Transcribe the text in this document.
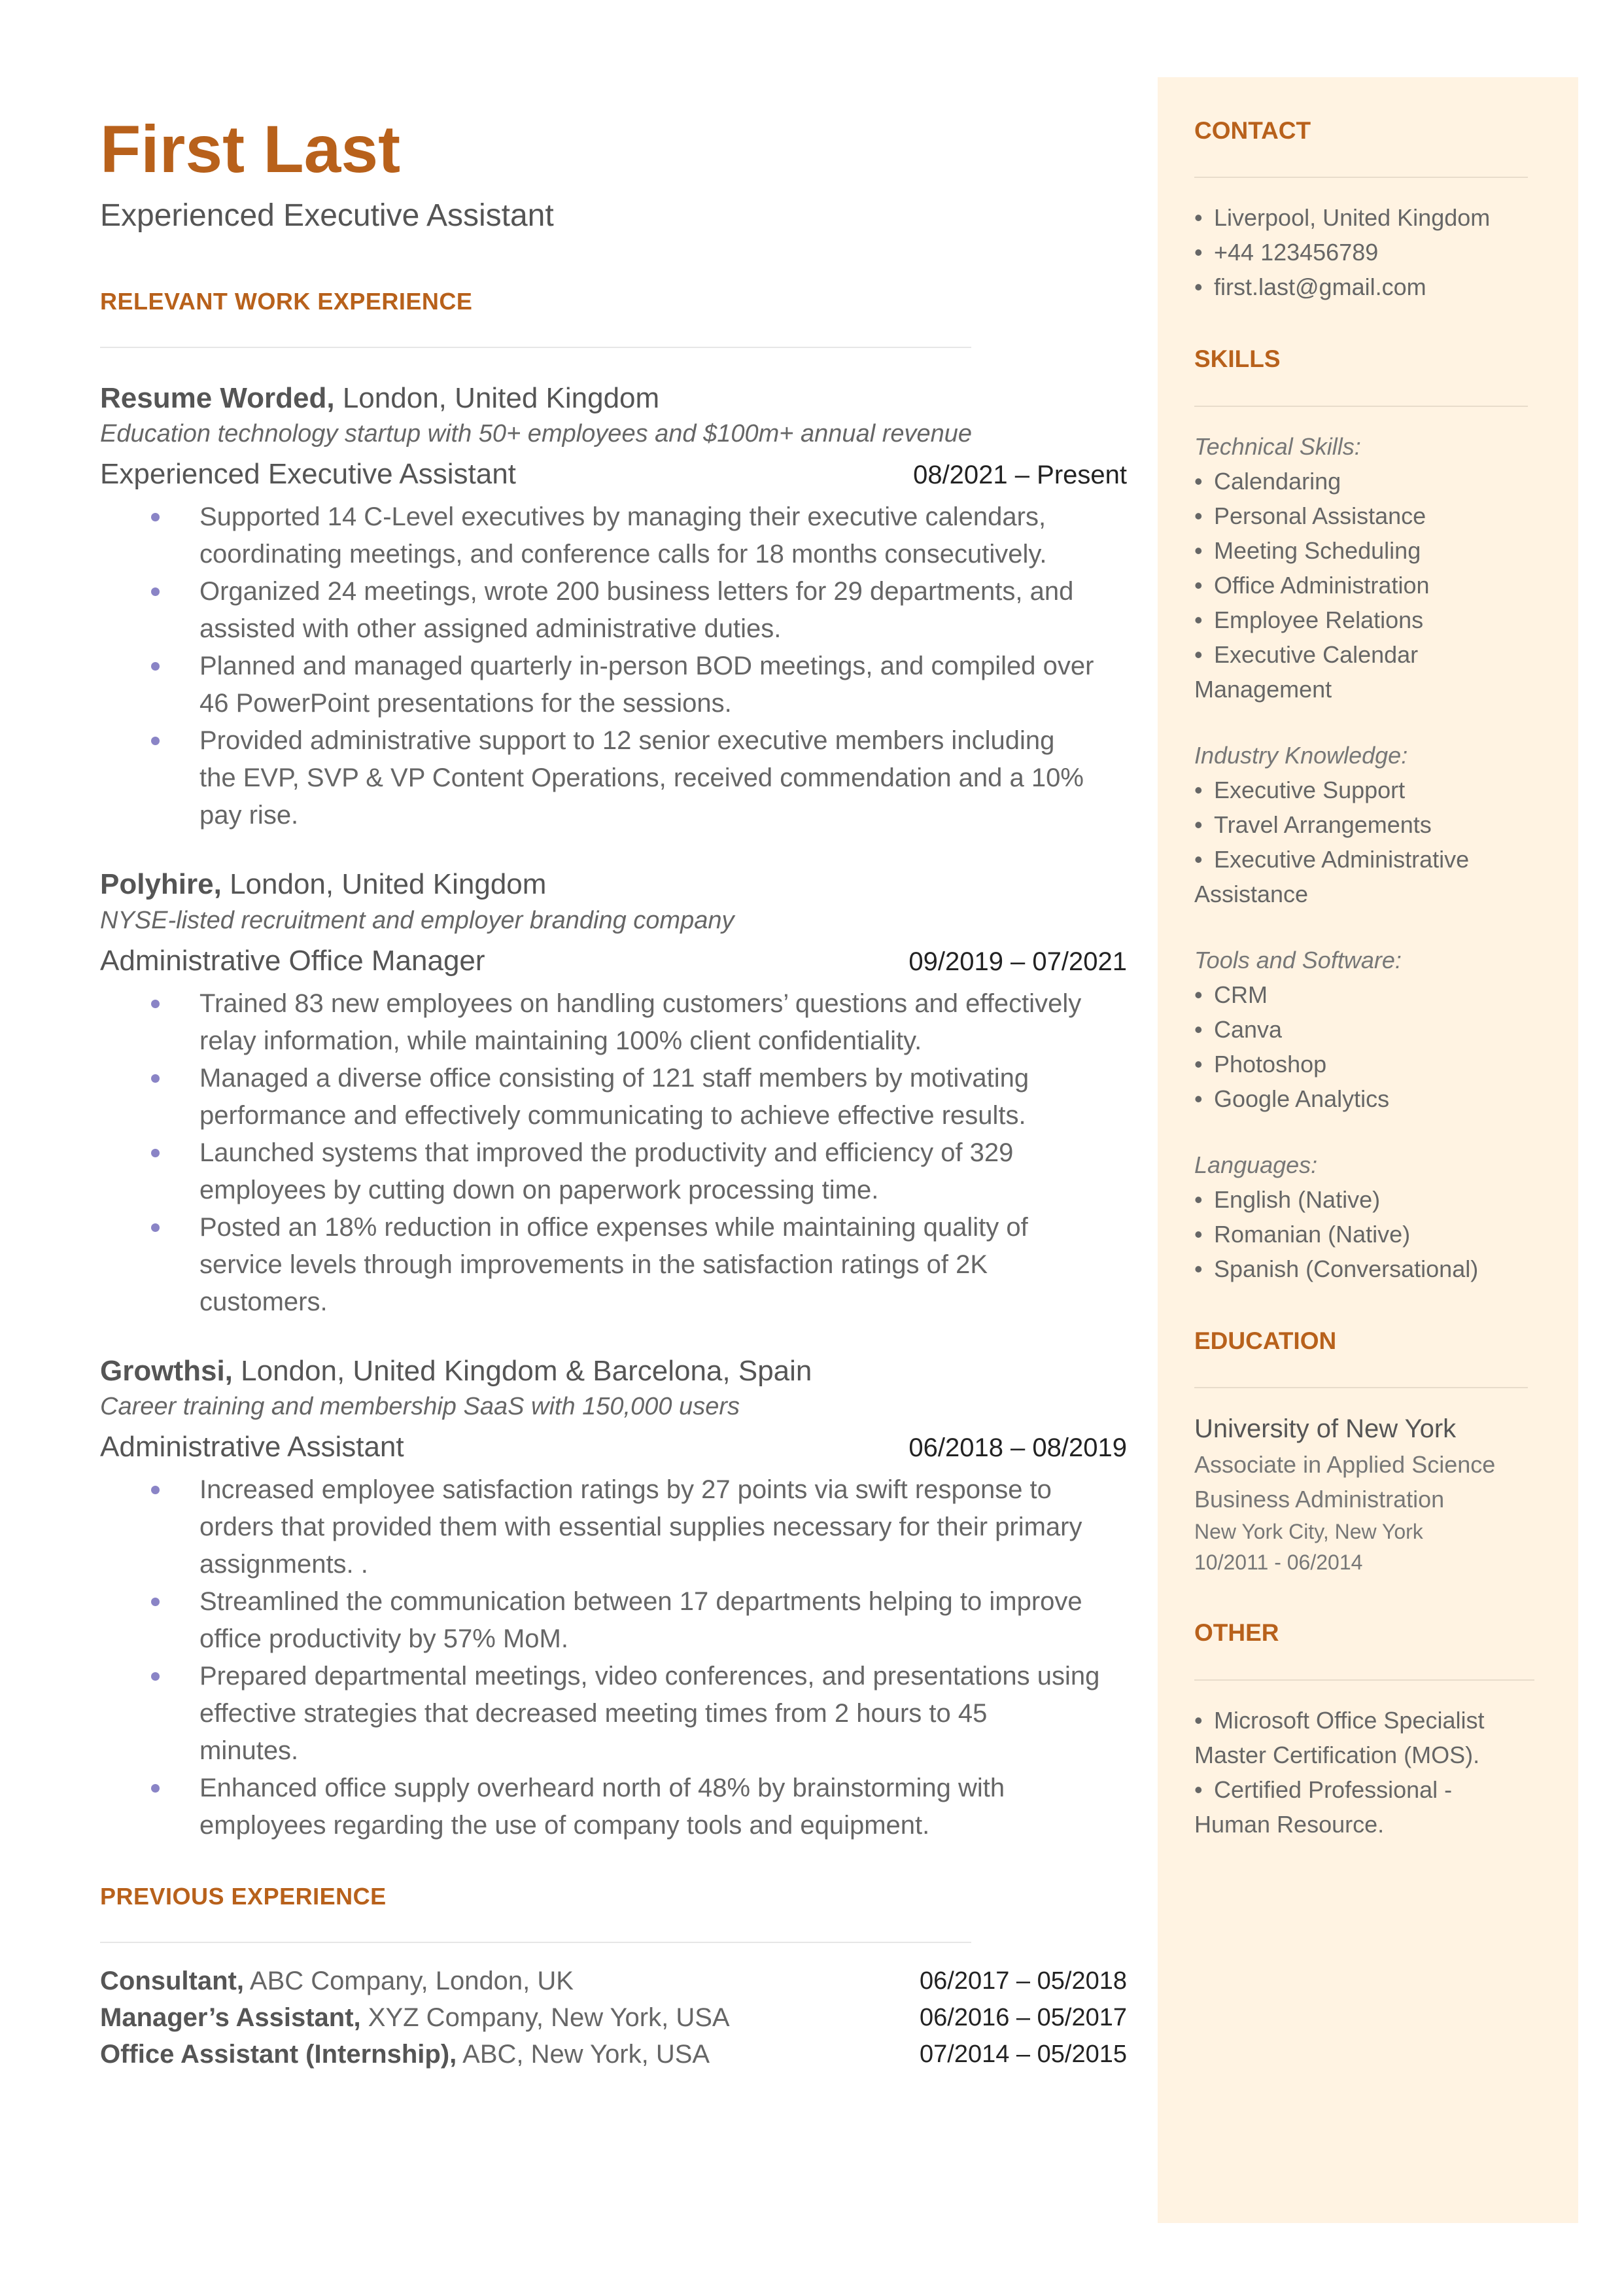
First Last
Experienced Executive Assistant
RELEVANT WORK EXPERIENCE
Resume Worded, London, United Kingdom
Education technology startup with 50+ employees and $100m+ annual revenue
Experienced Executive Assistant	08/2021 – Present
Supported 14 C-Level executives by managing their executive calendars,
coordinating meetings, and conference calls for 18 months consecutively.
Organized 24 meetings, wrote 200 business letters for 29 departments, and
assisted with other assigned administrative duties.
Planned and managed quarterly in-person BOD meetings, and compiled over
46 PowerPoint presentations for the sessions.
Provided administrative support to 12 senior executive members including
the EVP, SVP & VP Content Operations, received commendation and a 10%
pay rise.
Polyhire, London, United Kingdom
NYSE-listed recruitment and employer branding company
Administrative Office Manager	09/2019 – 07/2021
Trained 83 new employees on handling customers’ questions and effectively
relay information, while maintaining 100% client confidentiality.
Managed a diverse office consisting of 121 staff members by motivating
performance and effectively communicating to achieve effective results.
Launched systems that improved the productivity and efficiency of 329
employees by cutting down on paperwork processing time.
Posted an 18% reduction in office expenses while maintaining quality of
service levels through improvements in the satisfaction ratings of 2K
customers.
Growthsi, London, United Kingdom & Barcelona, Spain
Career training and membership SaaS with 150,000 users
Administrative Assistant	06/2018 – 08/2019
Increased employee satisfaction ratings by 27 points via swift response to
orders that provided them with essential supplies necessary for their primary
assignments. .
Streamlined the communication between 17 departments helping to improve
office productivity by 57% MoM.
Prepared departmental meetings, video conferences, and presentations using
effective strategies that decreased meeting times from 2 hours to 45
minutes.
Enhanced office supply overheard north of 48% by brainstorming with
employees regarding the use of company tools and equipment.
PREVIOUS EXPERIENCE
Consultant, ABC Company, London, UK	06/2017 – 05/2018
Manager’s Assistant, XYZ Company, New York, USA	06/2016 – 05/2017
Office Assistant (Internship), ABC, New York, USA	07/2014 – 05/2015
CONTACT
• Liverpool, United Kingdom
• +44 123456789
• first.last@gmail.com
SKILLS
Technical Skills:
• Calendaring
• Personal Assistance
• Meeting Scheduling
• Office Administration
• Employee Relations
• Executive Calendar
Management
Industry Knowledge:
• Executive Support
• Travel Arrangements
• Executive Administrative
Assistance
Tools and Software:
• CRM
• Canva
• Photoshop
• Google Analytics
Languages:
• English (Native)
• Romanian (Native)
• Spanish (Conversational)
EDUCATION
University of New York
Associate in Applied Science
Business Administration
New York City, New York
10/2011 - 06/2014
OTHER
• Microsoft Office Specialist
Master Certification (MOS).
• Certified Professional -
Human Resource.
